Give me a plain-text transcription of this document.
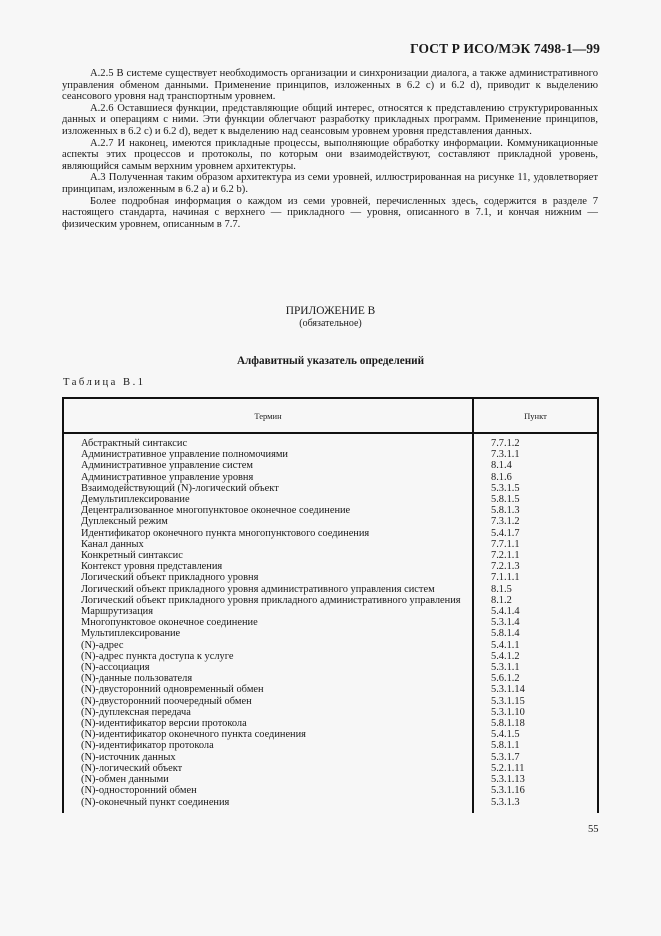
ГОСТ Р ИСО/МЭК 7498-1—99

А.2.5 В системе существует необходимость организации и синхронизации диалога, а также административного управления обменом данными. Применение принципов, изложенных в 6.2 с) и 6.2 d), приводит к выделению сеансового уровня над транспортным уровнем.

А.2.6 Оставшиеся функции, представляющие общий интерес, относятся к представлению структурированных данных и операциям с ними. Эти функции облегчают разработку прикладных программ. Применение принципов, изложенных в 6.2 с) и 6.2 d), ведет к выделению над сеансовым уровнем уровня представления данных.

А.2.7 И наконец, имеются прикладные процессы, выполняющие обработку информации. Коммуникационные аспекты этих процессов и протоколы, по которым они взаимодействуют, составляют прикладной уровень, являющийся самым верхним уровнем архитектуры.

А.3 Полученная таким образом архитектура из семи уровней, иллюстрированная на рисунке 11, удовлетворяет принципам, изложенным в 6.2 а) и 6.2 b).

Более подробная информация о каждом из семи уровней, перечисленных здесь, содержится в разделе 7 настоящего стандарта, начиная с верхнего — прикладного — уровня, описанного в 7.1, и кончая нижним — физическим уровнем, описанным в 7.7.

ПРИЛОЖЕНИЕ В
(обязательное)
Алфавитный указатель определений
Таблица В.1
Термин	Пункт
Абстрактный синтаксис	7.7.1.2
Административное управление полномочиями	7.3.1.1
Административное управление систем	8.1.4
Административное управление уровня	8.1.6
Взаимодействующий (N)-логический объект	5.3.1.5
Демультиплексирование	5.8.1.5
Децентрализованное многопунктовое оконечное соединение	5.8.1.3
Дуплексный режим	7.3.1.2
Идентификатор оконечного пункта многопунктового соединения	5.4.1.7
Канал данных	7.7.1.1
Конкретный синтаксис	7.2.1.1
Контекст уровня представления	7.2.1.3
Логический объект прикладного уровня	7.1.1.1
Логический объект прикладного уровня административного управления систем	8.1.5
Логический объект прикладного уровня прикладного административного управления	8.1.2
Маршрутизация	5.4.1.4
Многопунктовое оконечное соединение	5.3.1.4
Мультиплексирование	5.8.1.4
(N)-адрес	5.4.1.1
(N)-адрес пункта доступа к услуге	5.4.1.2
(N)-ассоциация	5.3.1.1
(N)-данные пользователя	5.6.1.2
(N)-двусторонний одновременный обмен	5.3.1.14
(N)-двусторонний поочередный обмен	5.3.1.15
(N)-дуплексная передача	5.3.1.10
(N)-идентификатор версии протокола	5.8.1.18
(N)-идентификатор оконечного пункта соединения	5.4.1.5
(N)-идентификатор протокола	5.8.1.1
(N)-источник данных	5.3.1.7
(N)-логический объект	5.2.1.11
(N)-обмен данными	5.3.1.13
(N)-односторонний обмен	5.3.1.16
(N)-оконечный пункт соединения	5.3.1.3
55
